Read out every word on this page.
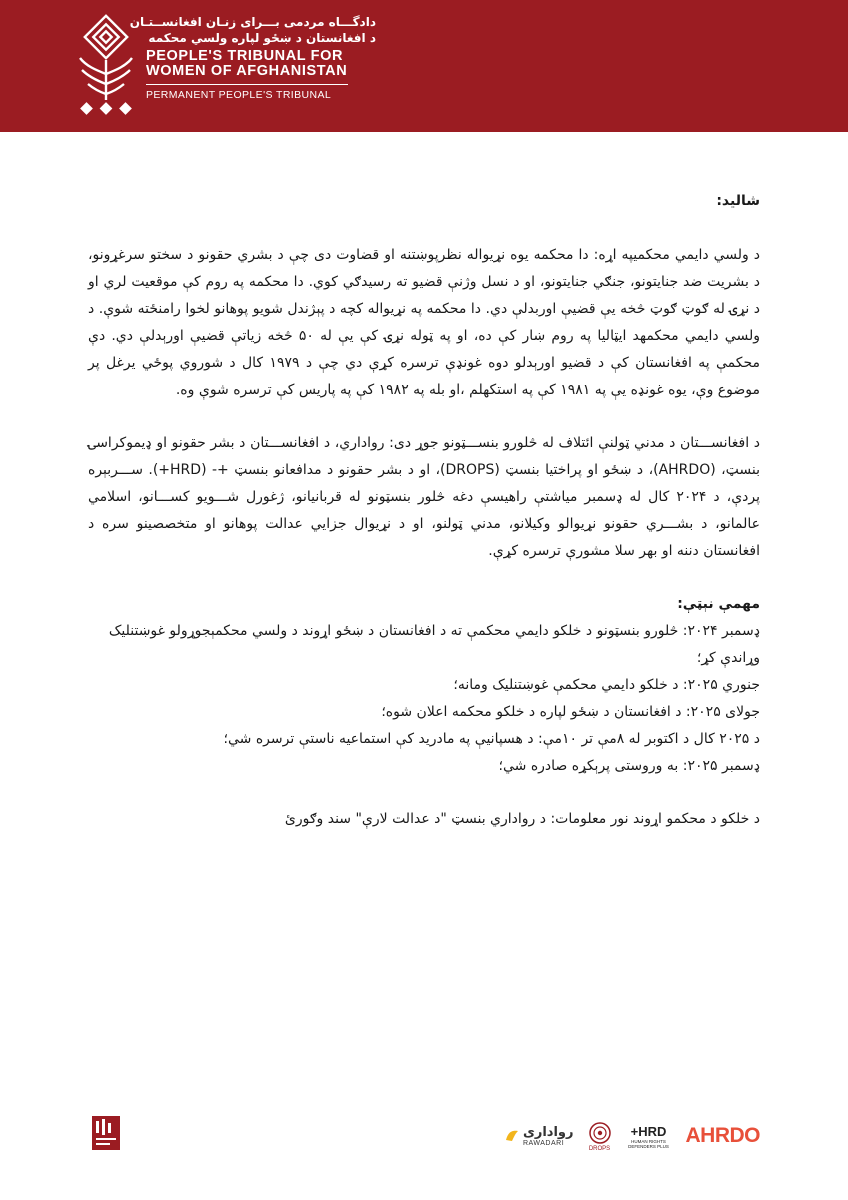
دادگـــاه مردمی بـــرای زنـان افغانســتـان
د افغانستان د ښځو لپاره ولسي محکمه
PEOPLE'S TRIBUNAL FOR
WOMEN OF AFGHANISTAN
PERMANENT PEOPLE'S TRIBUNAL

شالید:

د ولسي دايمي محکميپه اړه: دا محکمه يوه نړيواله نظرپوښتنه او قضاوت دی چې د بشري حقونو د سختو سرغړونو، د بشريت ضد جنايتونو، جنګي جنايتونو، او د نسل وژنې قضيو ته رسيدګي کوي. دا محکمه په روم کې موقعيت لري او د نړۍ له ګوټ ګوټ څخه يې قضيې اوربدلې دي. دا محکمه په نړيواله کچه د پېژندل شويو پوهانو لخوا رامنځته شوې. د ولسي دايمي محکمهد ايټاليا په روم ښار کې ده، او په ټوله نړۍ کې يې له ۵۰ څخه زياتې قضيې اورېدلې دي. دې محکمې په افغانستان کې د قضيو اورېدلو دوه غونډې ترسره کړې دي چې د ۱۹۷۹ کال د شوروي پوځي يرغل پر موضوع وې، يوه غونډه يې په ۱۹۸۱ کې په استکهلم ،او بله په ۱۹۸۲ کې په پاريس کې ترسره شوې وه.

د افغانســـتان د مدني ټولنې ائتلاف له څلورو بنســـټونو جوړ دی: رواداري، د افغانســـتان د بشر حقونو او ډيموکراسۍ بنسټ، (AHRDO)، د ښځو او پراختيا بنسټ (DROPS)، او د بشر حقونو د مدافعانو بنسټ +- (HRD+). ســـربېره پردې، د ۲۰۲۴ کال له ډسمبر مياشتې راهيسې دغه څلور بنسټونو له قربانيانو، ژغورل شـــويو کســـانو، اسلامي عالمانو، د بشـــري حقونو نړيوالو وکيلانو، مدني ټولنو، او د نړيوال جزايي عدالت پوهانو او متخصصينو سره د افغانستان دننه او بهر سلا مشورې ترسره کړې.

مهمې نېټې:

ډسمبر ۲۰۲۴: څلورو بنسټونو د خلکو دايمي محکمې ته د افغانستان د ښځو اړوند د ولسي محکمېجوړولو غوښتنليک وړاندې کړ؛

جنوري ۲۰۲۵: د خلکو دايمي محکمې غوښتنليک ومانه؛

جولای ۲۰۲۵: د افغانستان د ښځو لپاره د خلکو محکمه اعلان شوه؛

د ۲۰۲۵ کال د اکتوبر له ۸مې تر ۱۰مې: د هسپانيې په مادريد کې استماعيه ناستې ترسره شي؛

ډسمبر ۲۰۲۵: به وروستی پرېکړه صادره شي؛

د خلکو د محکمو اړوند نور معلومات: د رواداري بنسټ "د عدالت لارې" سند وګورئ

رواداری
RAWADARI
DROPS
+HRD
HUMAN RIGHTS DEFENDERS PLUS AHRDO
